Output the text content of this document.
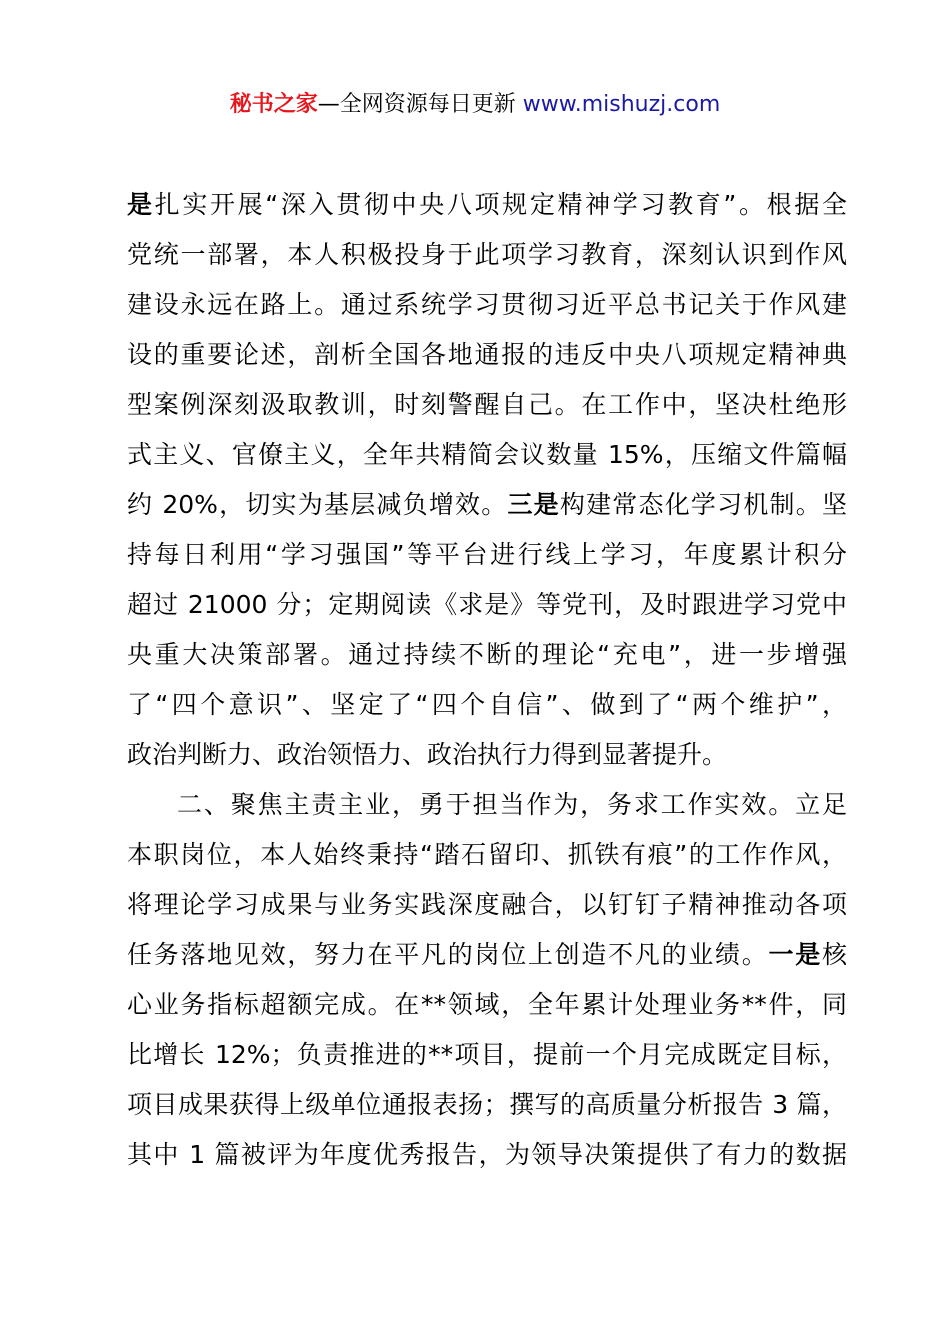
秘书之家—全网资源每日更新 www.mishuzj.com
是扎实开展“深入贯彻中央八项规定精神学习教育”。根据全
党统一部署，本人积极投身于此项学习教育，深刻认识到作风
建设永远在路上。通过系统学习贯彻习近平总书记关于作风建
设的重要论述，剖析全国各地通报的违反中央八项规定精神典
型案例深刻汲取教训，时刻警醒自己。在工作中，坚决杜绝形
式主义、官僚主义，全年共精简会议数量 15%，压缩文件篇幅
约 20%，切实为基层减负增效。三是构建常态化学习机制。坚
持每日利用“学习强国”等平台进行线上学习，年度累计积分
超过 21000 分；定期阅读《求是》等党刊，及时跟进学习党中
央重大决策部署。通过持续不断的理论“充电”，进一步增强
了“四个意识”、坚定了“四个自信”、做到了“两个维护”，
政治判断力、政治领悟力、政治执行力得到显著提升。
二、聚焦主责主业，勇于担当作为，务求工作实效。立足
本职岗位，本人始终秉持“踏石留印、抓铁有痕”的工作作风，
将理论学习成果与业务实践深度融合，以钉钉子精神推动各项
任务落地见效，努力在平凡的岗位上创造不凡的业绩。一是核
心业务指标超额完成。在**领域，全年累计处理业务**件，同
比增长 12%；负责推进的**项目，提前一个月完成既定目标，
项目成果获得上级单位通报表扬；撰写的高质量分析报告 3 篇，
其中 1 篇被评为年度优秀报告，为领导决策提供了有力的数据
